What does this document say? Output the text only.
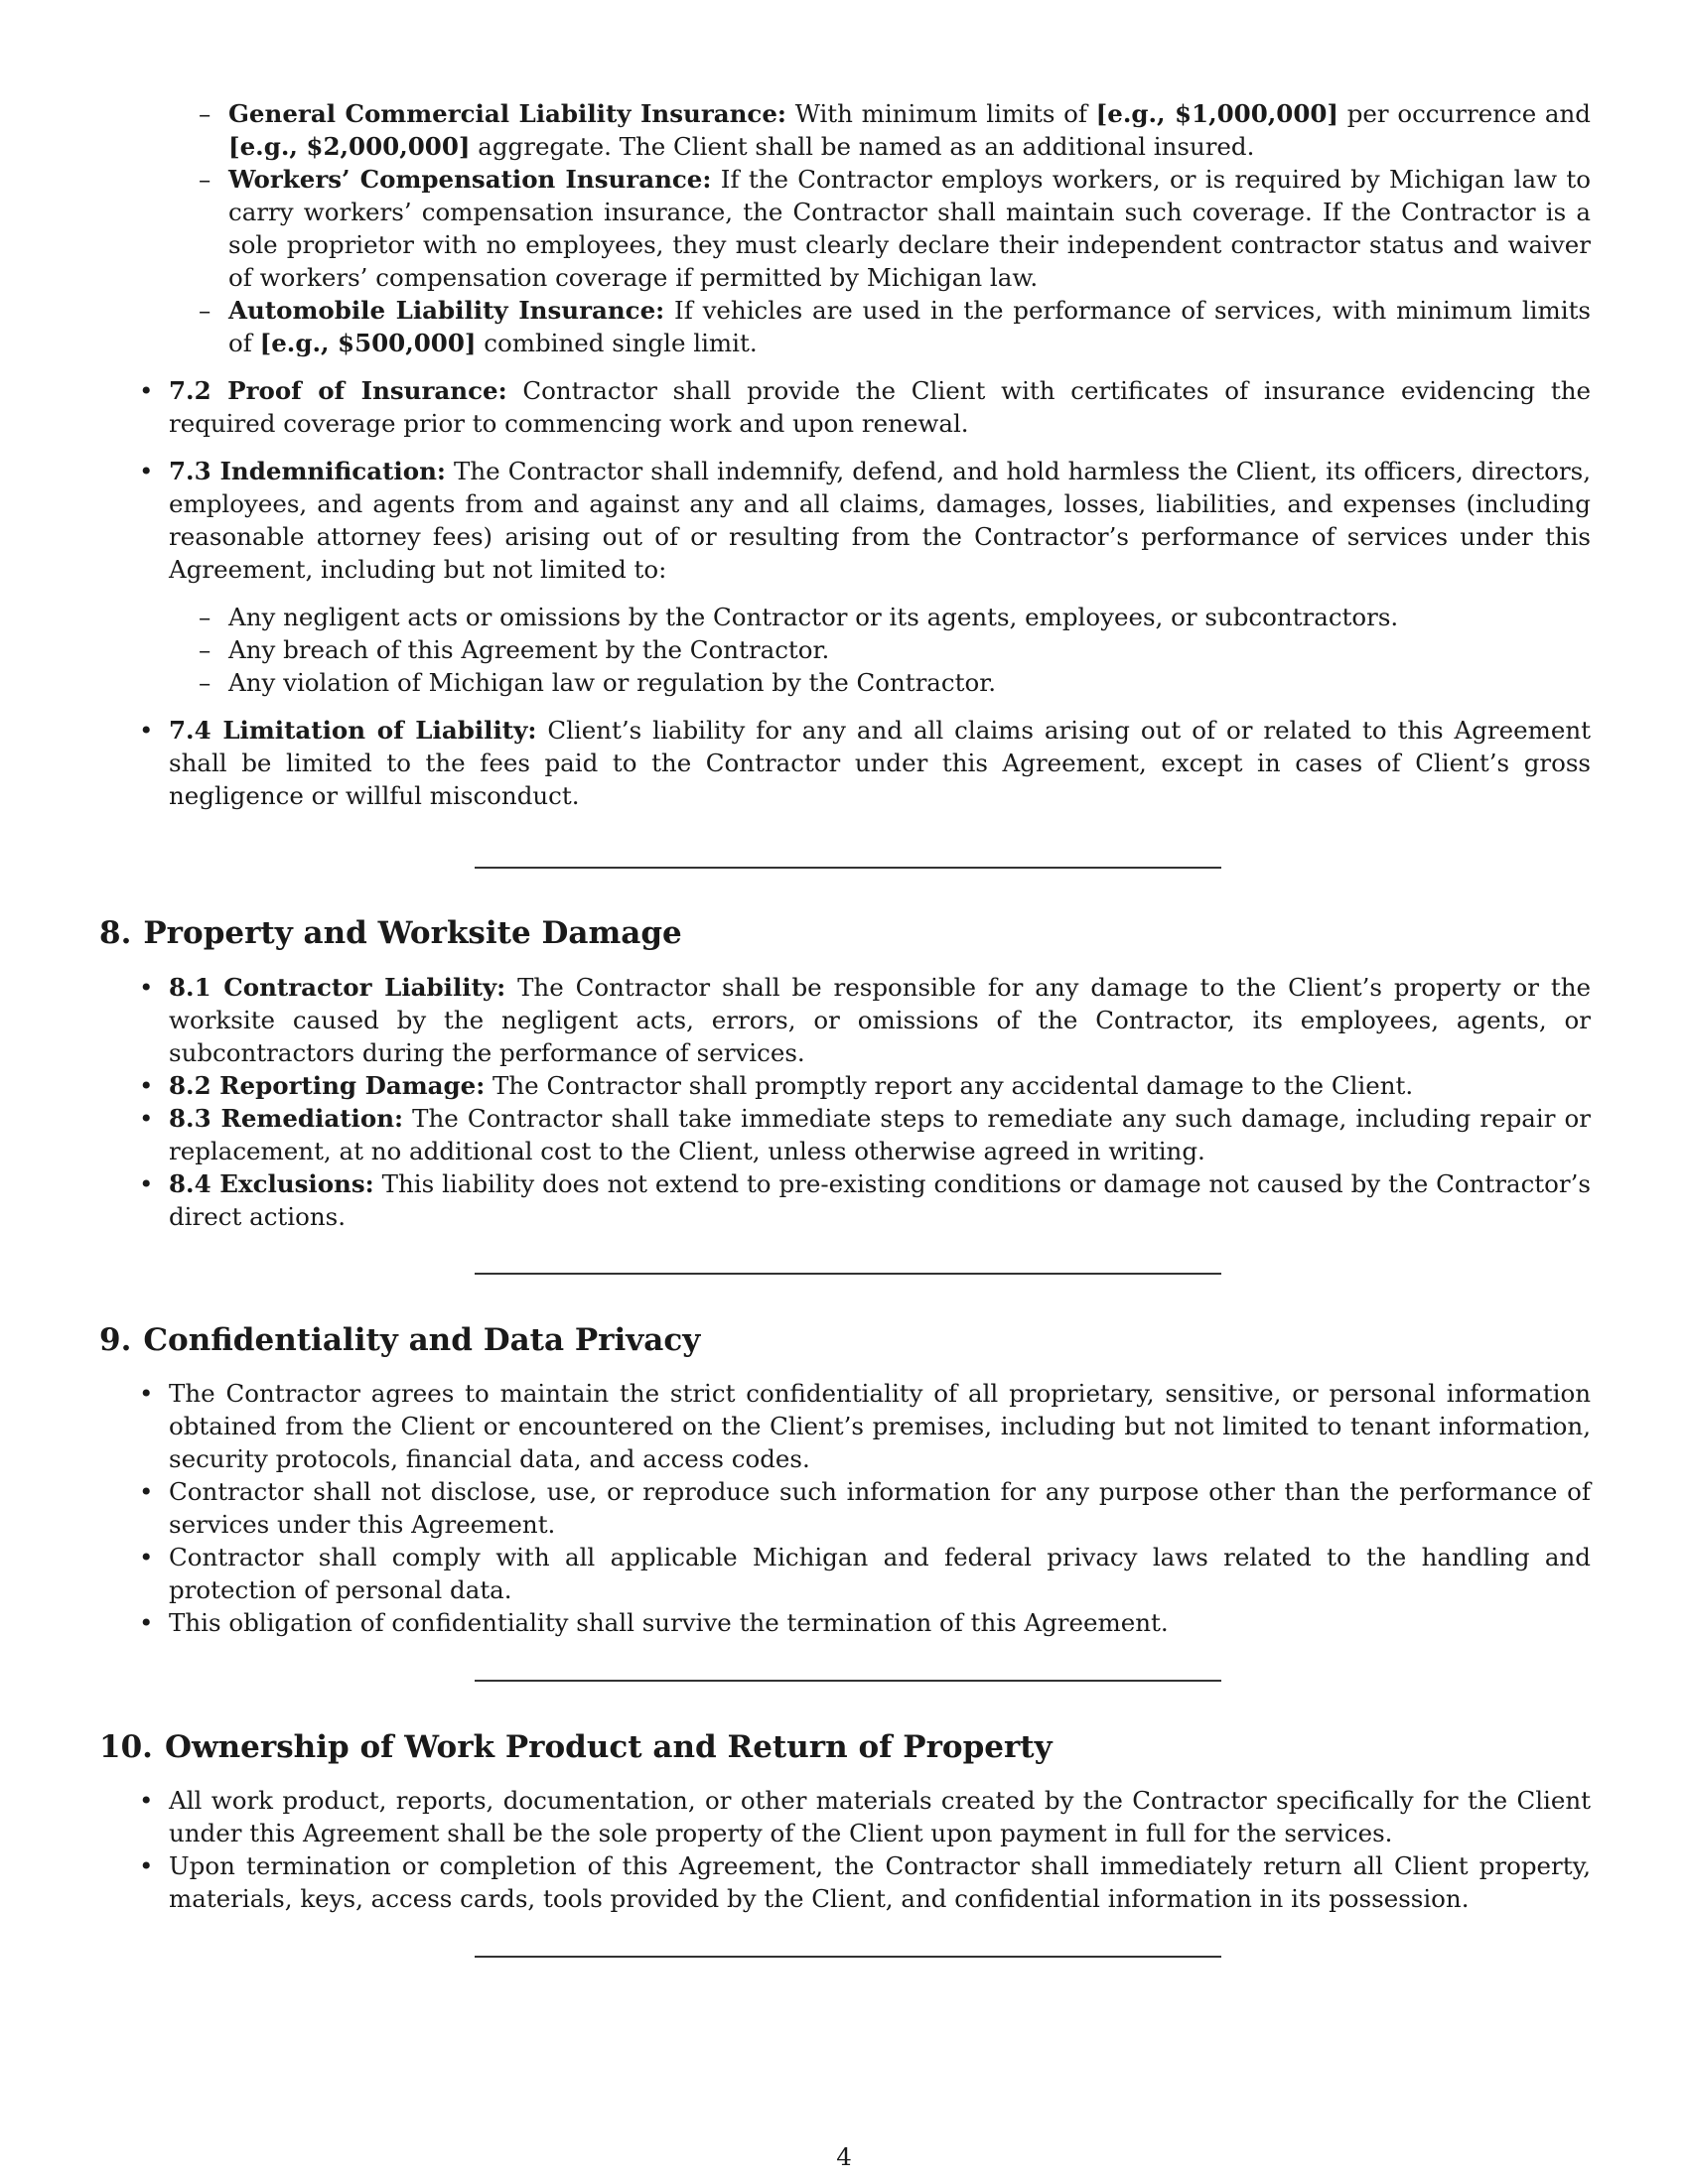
– General Commercial Liability Insurance: With minimum limits of [e.g., $1,000,000] per occurrence and [e.g., $2,000,000] aggregate. The Client shall be named as an additional insured.
– Workers’ Compensation Insurance: If the Contractor employs workers, or is required by Michigan law to carry workers’ compensation insurance, the Contractor shall maintain such coverage. If the Contractor is a sole proprietor with no employees, they must clearly declare their independent contractor status and waiver of workers’ compensation coverage if permitted by Michigan law.
– Automobile Liability Insurance: If vehicles are used in the performance of services, with minimum limits of [e.g., $500,000] combined single limit.
• 7.2 Proof of Insurance: Contractor shall provide the Client with certificates of insurance evidencing the required coverage prior to commencing work and upon renewal.
• 7.3 Indemnification: The Contractor shall indemnify, defend, and hold harmless the Client, its officers, directors, employees, and agents from and against any and all claims, damages, losses, liabilities, and expenses (including reasonable attorney fees) arising out of or resulting from the Contractor’s performance of services under this Agreement, including but not limited to:
– Any negligent acts or omissions by the Contractor or its agents, employees, or subcontractors.
– Any breach of this Agreement by the Contractor.
– Any violation of Michigan law or regulation by the Contractor.
• 7.4 Limitation of Liability: Client’s liability for any and all claims arising out of or related to this Agreement shall be limited to the fees paid to the Contractor under this Agreement, except in cases of Client’s gross negligence or willful misconduct.
8. Property and Worksite Damage
• 8.1 Contractor Liability: The Contractor shall be responsible for any damage to the Client’s property or the worksite caused by the negligent acts, errors, or omissions of the Contractor, its employees, agents, or subcontractors during the performance of services.
• 8.2 Reporting Damage: The Contractor shall promptly report any accidental damage to the Client.
• 8.3 Remediation: The Contractor shall take immediate steps to remediate any such damage, including repair or replacement, at no additional cost to the Client, unless otherwise agreed in writing.
• 8.4 Exclusions: This liability does not extend to pre-existing conditions or damage not caused by the Contractor’s direct actions.
9. Confidentiality and Data Privacy
• The Contractor agrees to maintain the strict confidentiality of all proprietary, sensitive, or personal information obtained from the Client or encountered on the Client’s premises, including but not limited to tenant information, security protocols, financial data, and access codes.
• Contractor shall not disclose, use, or reproduce such information for any purpose other than the performance of services under this Agreement.
• Contractor shall comply with all applicable Michigan and federal privacy laws related to the handling and protection of personal data.
• This obligation of confidentiality shall survive the termination of this Agreement.
10. Ownership of Work Product and Return of Property
• All work product, reports, documentation, or other materials created by the Contractor specifically for the Client under this Agreement shall be the sole property of the Client upon payment in full for the services.
• Upon termination or completion of this Agreement, the Contractor shall immediately return all Client property, materials, keys, access cards, tools provided by the Client, and confidential information in its possession.
4
